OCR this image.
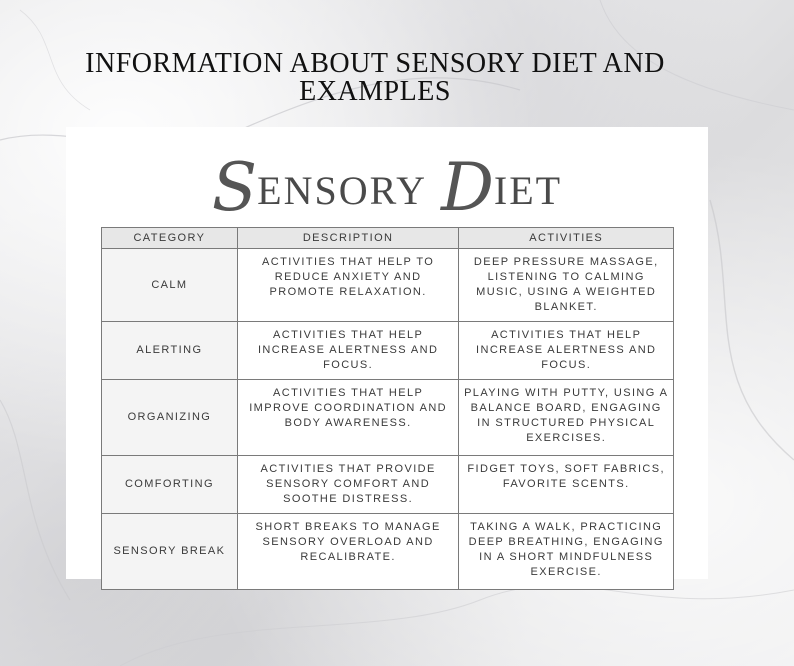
INFORMATION ABOUT SENSORY DIET AND
EXAMPLES
SENSORY DIET
CATEGORY	DESCRIPTION	ACTIVITIES
CALM	ACTIVITIES THAT HELP TO REDUCE ANXIETY AND PROMOTE RELAXATION.	DEEP PRESSURE MASSAGE, LISTENING TO CALMING MUSIC, USING A WEIGHTED BLANKET.
ALERTING	ACTIVITIES THAT HELP INCREASE ALERTNESS AND FOCUS.	ACTIVITIES THAT HELP INCREASE ALERTNESS AND FOCUS.
ORGANIZING	ACTIVITIES THAT HELP IMPROVE COORDINATION AND BODY AWARENESS.	PLAYING WITH PUTTY, USING A BALANCE BOARD, ENGAGING IN STRUCTURED PHYSICAL EXERCISES.
COMFORTING	ACTIVITIES THAT PROVIDE SENSORY COMFORT AND SOOTHE DISTRESS.	FIDGET TOYS, SOFT FABRICS, FAVORITE SCENTS.
SENSORY BREAK	SHORT BREAKS TO MANAGE SENSORY OVERLOAD AND RECALIBRATE.	TAKING A WALK, PRACTICING DEEP BREATHING, ENGAGING IN A SHORT MINDFULNESS EXERCISE.
